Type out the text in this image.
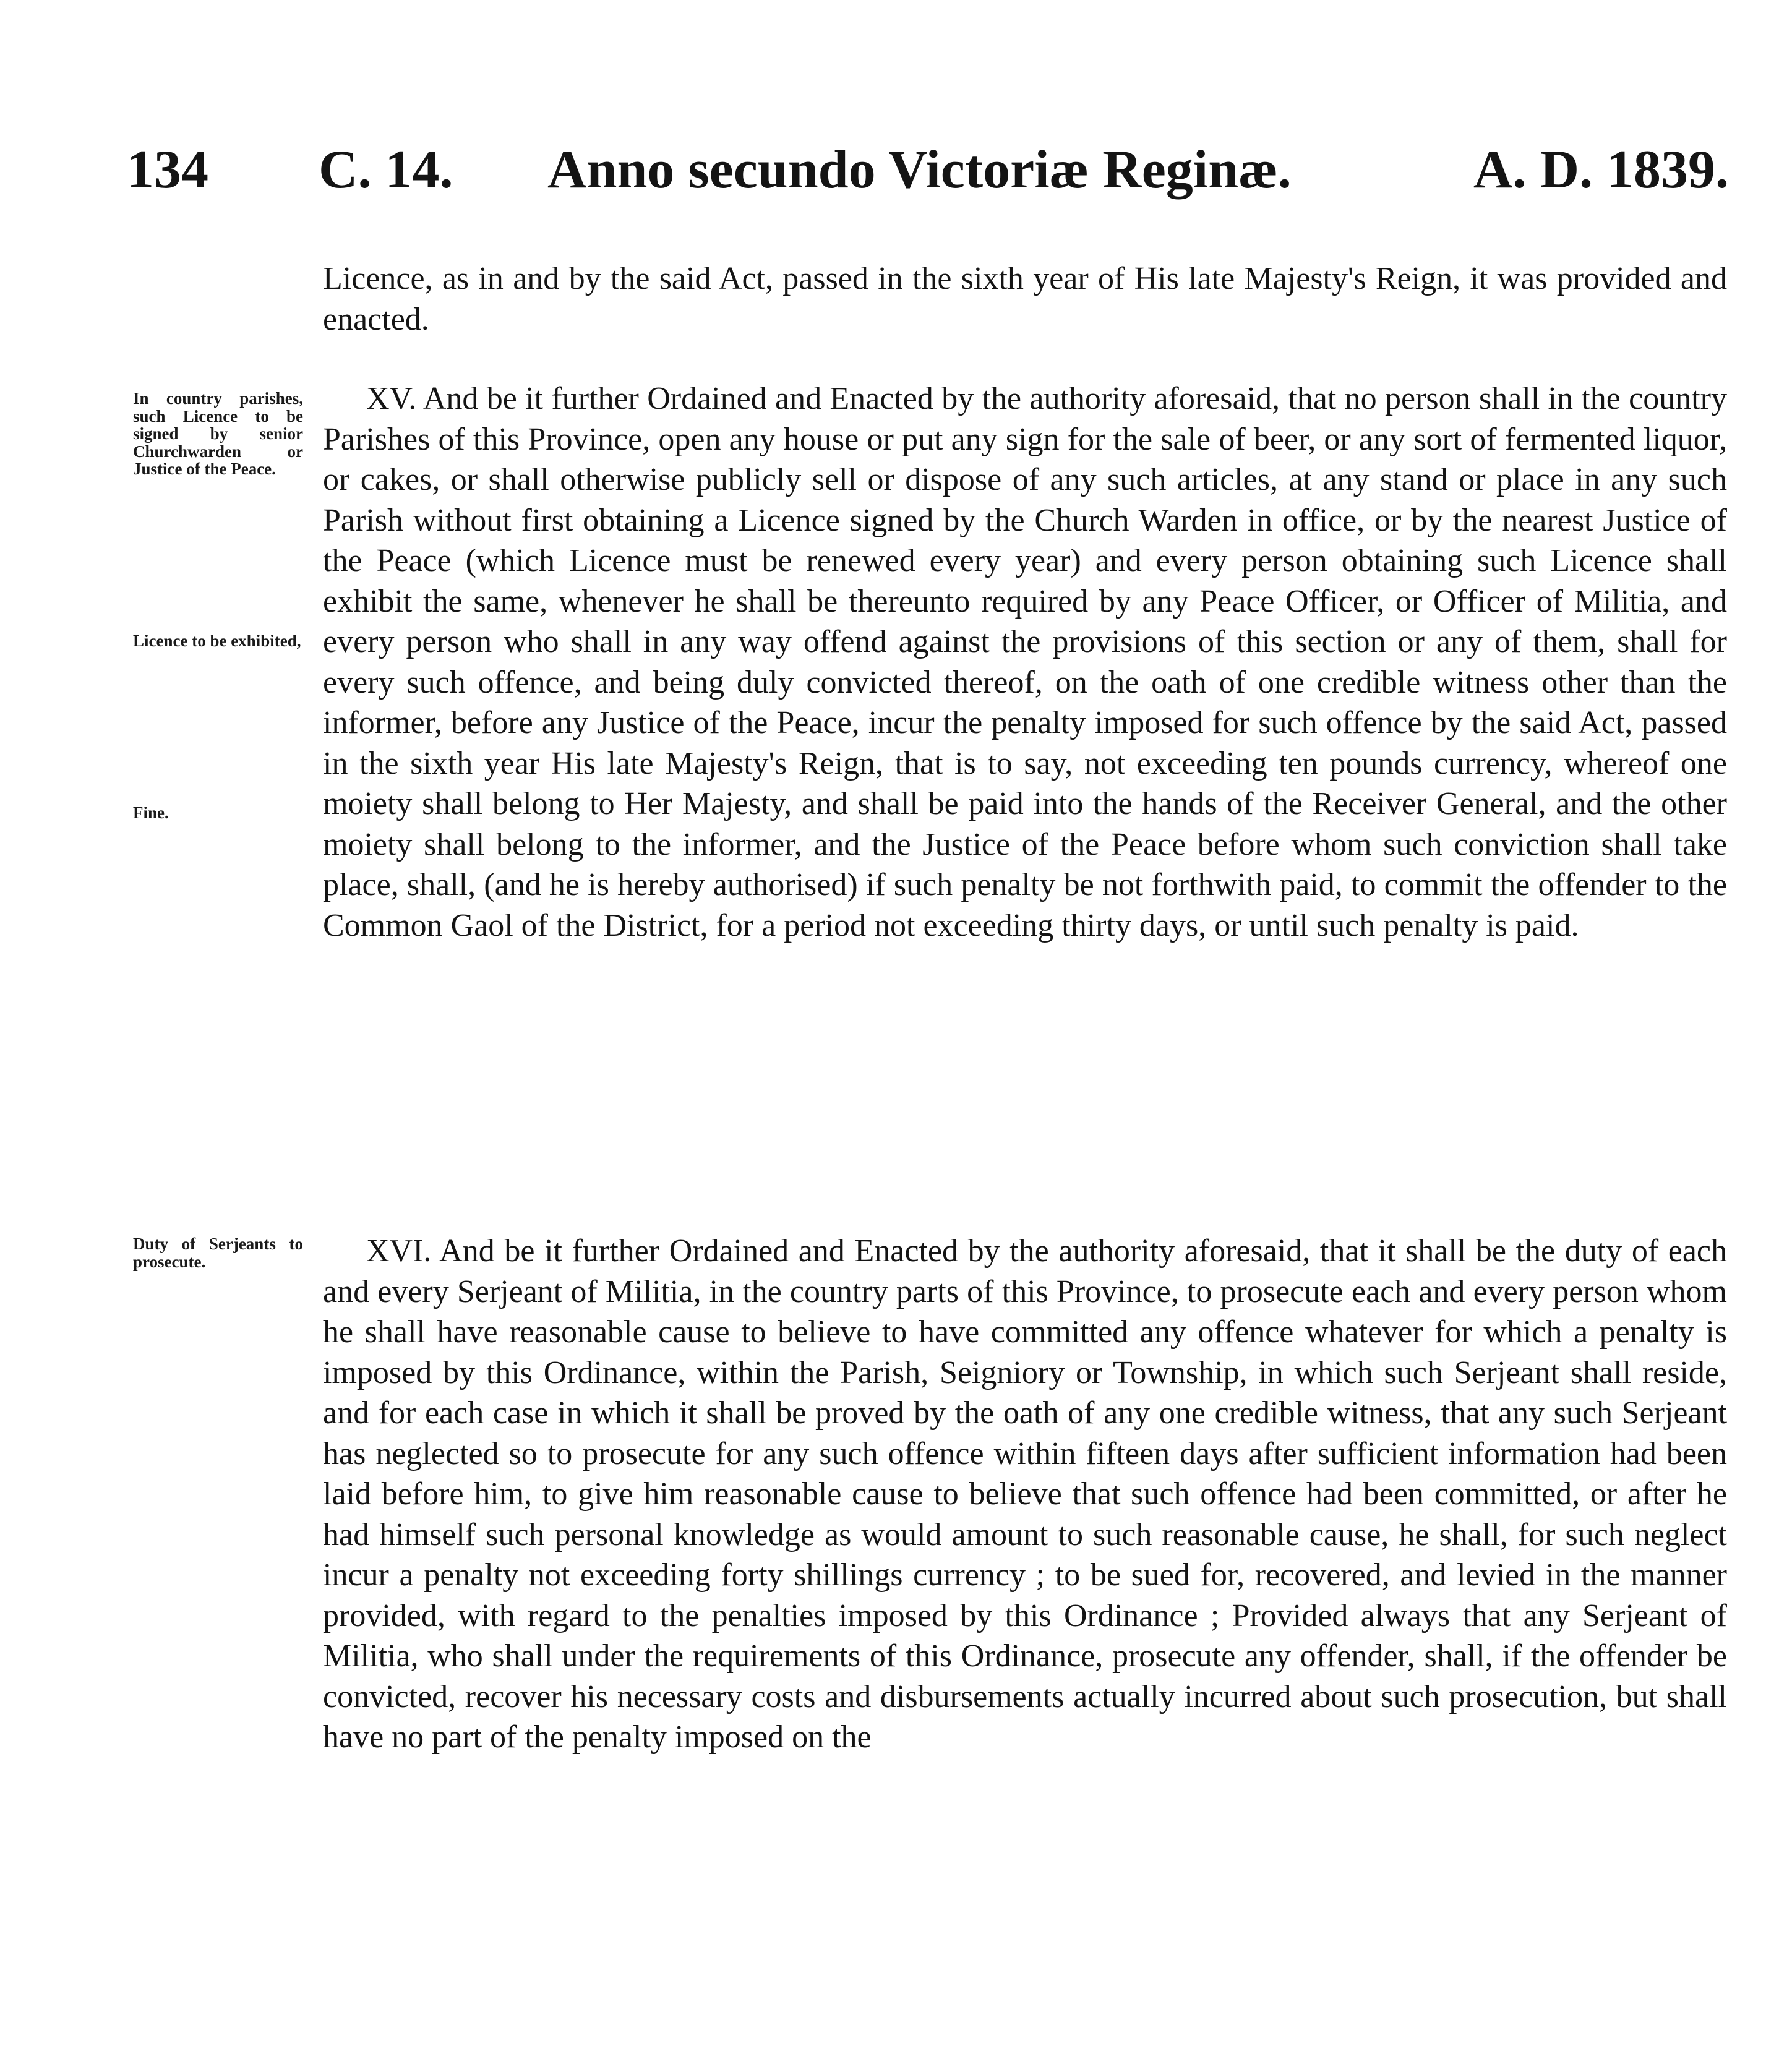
134 C. 14. Anno secundo Victoriæ Reginæ.	A. D. 1839.

Licence, as in and by the said Act, passed in the sixth year of His late Majesty's Reign, it was provided and enacted.

XV. And be it further Ordained and Enacted by the authority aforesaid, that no person shall in the country Parishes of this Province, open any house or put any sign for the sale of beer, or any sort of fermented liquor, or cakes, or shall otherwise publicly sell or dispose of any such articles, at any stand or place in any such Parish without first obtaining a Licence signed by the Church Warden in office, or by the nearest Justice of the Peace (which Licence must be renewed every year) and every person obtaining such Licence shall exhibit the same, whenever he shall be thereunto required by any Peace Officer, or Officer of Militia, and every person who shall in any way offend against the provisions of this section or any of them, shall for every such offence, and being duly convicted thereof, on the oath of one credible witness other than the informer, before any Justice of the Peace, incur the penalty imposed for such offence by the said Act, passed in the sixth year His late Majesty's Reign, that is to say, not exceeding ten pounds currency, whereof one moiety shall belong to Her Majesty, and shall be paid into the hands of the Receiver General, and the other moiety shall belong to the informer, and the Justice of the Peace before whom such conviction shall take place, shall, (and he is hereby authorised) if such penalty be not forthwith paid, to commit the offender to the Common Gaol of the District, for a period not exceeding thirty days, or until such penalty is paid.

XVI. And be it further Ordained and Enacted by the authority aforesaid, that it shall be the duty of each and every Serjeant of Militia, in the country parts of this Province, to prosecute each and every person whom he shall have reasonable cause to believe to have committed any offence whatever for which a penalty is imposed by this Ordinance, within the Parish, Seigniory or Township, in which such Serjeant shall reside, and for each case in which it shall be proved by the oath of any one credible witness, that any such Serjeant has neglected so to prosecute for any such offence within fifteen days after sufficient information had been laid before him, to give him reasonable cause to believe that such offence had been committed, or after he had himself such personal knowledge as would amount to such reasonable cause, he shall, for such neglect incur a penalty not exceeding forty shillings currency ; to be sued for, recovered, and levied in the manner provided, with regard to the penalties imposed by this Ordinance ; Provided always that any Serjeant of Militia, who shall under the requirements of this Ordinance, prosecute any offender, shall, if the offender be convicted, recover his necessary costs and disbursements actually incurred about such prosecution, but shall have no part of the penalty imposed on the

In country parishes, such Licence to be signed by senior Churchwarden or Justice of the Peace.
Licence to be exhibited,
Fine.
Duty of Serjeants to prosecute.
